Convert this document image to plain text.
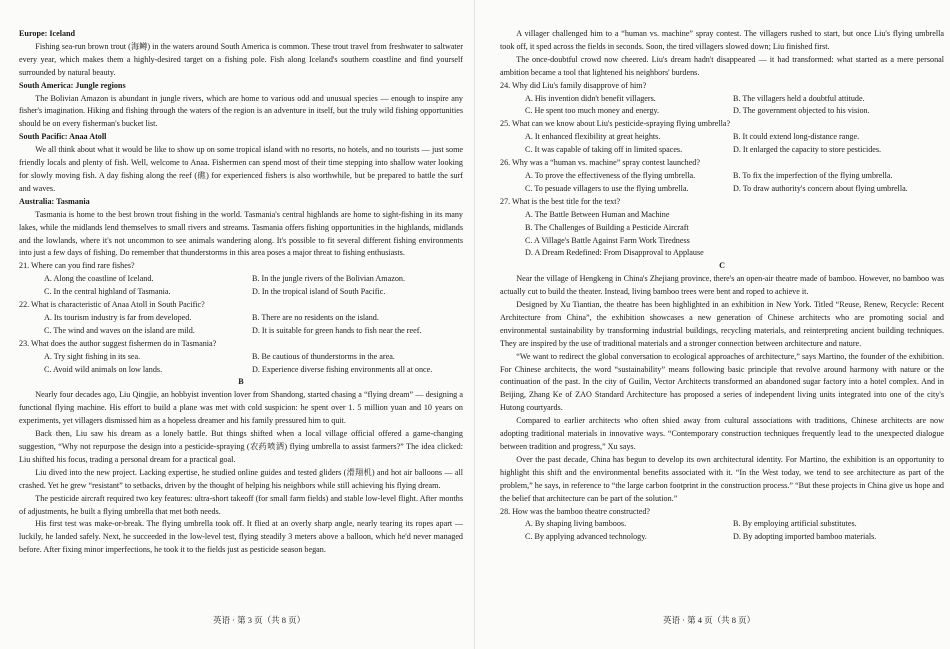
Europe: Iceland
Fishing sea-run brown trout (海鳟) in the waters around South America is common. These trout travel from freshwater to saltwater every year, which makes them a highly-desired target on a fishing pole. Fish along Iceland's southern coastline and find yourself surrounded by natural beauty.
South America: Jungle regions
The Bolivian Amazon is abundant in jungle rivers, which are home to various odd and unusual species — enough to inspire any fisher's imagination. Hiking and fishing through the waters of the region is an adventure in itself, but the truly wild fishing opportunities should be on every fisherman's bucket list.
South Pacific: Anaa Atoll
We all think about what it would be like to show up on some tropical island with no resorts, no hotels, and no tourists — just some friendly locals and plenty of fish. Well, welcome to Anaa. Fishermen can spend most of their time stepping into shallow water looking for slowly moving fish. A day fishing along the reef (礁) for experienced fishers is also worthwhile, but be prepared to battle the surf and waves.
Australia: Tasmania
Tasmania is home to the best brown trout fishing in the world. Tasmania's central highlands are home to sight-fishing in its many lakes, while the midlands lend themselves to small rivers and streams. Tasmania offers fishing opportunities in the highlands, midlands and the lowlands, where it's not uncommon to see animals wandering along. It's possible to fit several different fishing environments into just a few days of fishing. Do remember that thunderstorms in this area poses a major threat to fishing enthusiasts.
21. Where can you find rare fishes?
A. Along the coastline of Iceland.	B. In the jungle rivers of the Bolivian Amazon.
C. In the central highland of Tasmania.	D. In the tropical island of South Pacific.
22. What is characteristic of Anaa Atoll in South Pacific?
A. Its tourism industry is far from developed.	B. There are no residents on the island.
C. The wind and waves on the island are mild.	D. It is suitable for green hands to fish near the reef.
23. What does the author suggest fishermen do in Tasmania?
A. Try sight fishing in its sea.	B. Be cautious of thunderstorms in the area.
C. Avoid wild animals on low lands.	D. Experience diverse fishing environments all at once.
B
Nearly four decades ago, Liu Qingjie, an hobbyist invention lover from Shandong, started chasing a “flying dream” — designing a functional flying machine. His effort to build a plane was met with cold suspicion: he spent over 1. 5 million yuan and 10 years on experiments, yet villagers dismissed him as a hopeless dreamer and his family pressured him to quit.
Back then, Liu saw his dream as a lonely battle. But things shifted when a local village official offered a game-changing suggestion, “Why not repurpose the design into a pesticide-spraying (农药喷洒) flying umbrella to assist farmers?” The idea clicked: Liu shifted his focus, trading a personal dream for a practical goal.
Liu dived into the new project. Lacking expertise, he studied online guides and tested gliders (滑翔机) and hot air balloons — all crashed. Yet he grew “resistant” to setbacks, driven by the thought of helping his neighbors while still achieving his flying dream.
The pesticide aircraft required two key features: ultra-short takeoff (for small farm fields) and stable low-level flight. After months of adjustments, he built a flying umbrella that met both needs.
His first test was make-or-break. The flying umbrella took off. It flied at an overly sharp angle, nearly tearing its ropes apart — luckily, he landed safely. Next, he succeeded in the low-level test, flying steadily 3 meters above a balloon, which he'd never managed before. After fixing minor imperfections, he took it to the fields just as pesticide season began.
A villager challenged him to a “human vs. machine” spray contest. The villagers rushed to start, but once Liu's flying umbrella took off, it sped across the fields in seconds. Soon, the tired villagers slowed down; Liu finished first.
The once-doubtful crowd now cheered. Liu's dream hadn't disappeared — it had transformed: what started as a mere personal ambition became a tool that lightened his neighbors' burdens.
24. Why did Liu's family disapprove of him?
A. His invention didn't benefit villagers.	B. The villagers held a doubtful attitude.
C. He spent too much money and energy.	D. The government objected to his vision.
25. What can we know about Liu's pesticide-spraying flying umbrella?
A. It enhanced flexibility at great heights.	B. It could extend long-distance range.
C. It was capable of taking off in limited spaces.	D. It enlarged the capacity to store pesticides.
26. Why was a “human vs. machine” spray contest launched?
A. To prove the effectiveness of the flying umbrella.	B. To fix the imperfection of the flying umbrella.
C. To pesuade villagers to use the flying umbrella.	D. To draw authority's concern about flying umbrella.
27. What is the best title for the text?
A. The Battle Between Human and Machine
B. The Challenges of Building a Pesticide Aircraft
C. A Village's Battle Against Farm Work Tiredness
D. A Dream Redefined: From Disapproval to Applause
C
Near the village of Hengkeng in China's Zhejiang province, there's an open-air theatre made of bamboo. However, no bamboo was actually cut to build the theater. Instead, living bamboo trees were bent and roped to achieve it.
Designed by Xu Tiantian, the theatre has been highlighted in an exhibition in New York. Titled “Reuse, Renew, Recycle: Recent Architecture from China”, the exhibition showcases a new generation of Chinese architects who are promoting social and environmental sustainability by transforming industrial buildings, recycling materials, and reinterpreting ancient building techniques. They are inspired by the use of traditional materials and a stronger connection between architecture and nature.
“We want to redirect the global conversation to ecological approaches of architecture,” says Martino, the founder of the exhibition. For Chinese architects, the word “sustainability” means following basic principle that revolve around harmony with nature or the continuation of the past. In the city of Guilin, Vector Architects transformed an abandoned sugar factory into a hotel complex. And in Beijing, Zhang Ke of ZAO Standard Architecture has proposed a series of independent living units integrated into one of the city's Hutong courtyards.
Compared to earlier architects who often shied away from cultural associations with traditions, Chinese architects are now adopting traditional materials in innovative ways. “Contemporary construction techniques frequently lead to the unexpected dialogue between tradition and progress,” Xu says.
Over the past decade, China has begun to develop its own architectural identity. For Martino, the exhibition is an opportunity to highlight this shift and the environmental benefits associated with it. “In the West today, we tend to see architecture as part of the problem,” he says, in reference to “the large carbon footprint in the construction process.” “But these projects in China give us hope and the belief that architecture can be part of the solution.”
28. How was the bamboo theatre constructed?
A. By shaping living bamboos.	B. By employing artificial substitutes.
C. By applying advanced technology.	D. By adopting imported bamboo materials.
英语 · 第 3 页（共 8 页）	英语 · 第 4 页（共 8 页）
